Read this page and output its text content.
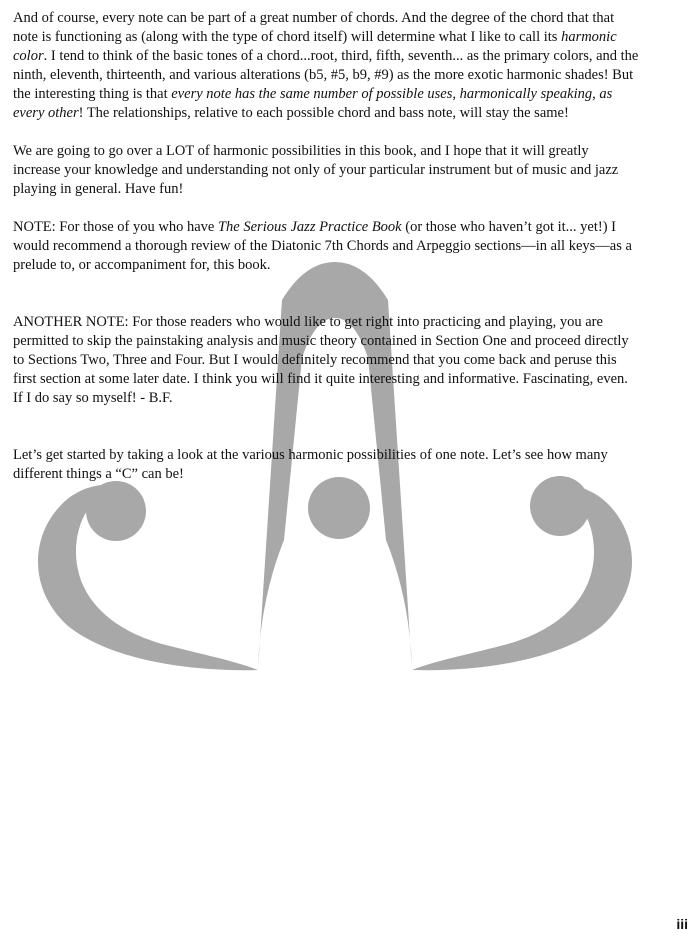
And of course, every note can be part of a great number of chords. And the degree of the chord that that note is functioning as (along with the type of chord itself) will determine what I like to call its harmonic color. I tend to think of the basic tones of a chord...root, third, fifth, seventh... as the primary colors, and the ninth, eleventh, thirteenth, and various alterations (b5, #5, b9, #9) as the more exotic harmonic shades! But the interesting thing is that every note has the same number of possible uses, harmonically speaking, as every other! The relationships, relative to each possible chord and bass note, will stay the same!

We are going to go over a LOT of harmonic possibilities in this book, and I hope that it will greatly increase your knowledge and understanding not only of your particular instrument but of music and jazz playing in general. Have fun!

NOTE: For those of you who have The Serious Jazz Practice Book (or those who haven’t got it... yet!) I would recommend a thorough review of the Diatonic 7th Chords and Arpeggio sections—in all keys—as a prelude to, or accompaniment for, this book.

ANOTHER NOTE: For those readers who would like to get right into practicing and playing, you are permitted to skip the painstaking analysis and music theory contained in Section One and proceed directly to Sections Two, Three and Four. But I would definitely recommend that you come back and peruse this first section at some later date. I think you will find it quite interesting and informative. Fascinating, even. If I do say so myself! - B.F.

Let’s get started by taking a look at the various harmonic possibilities of one note. Let’s see how many different things a “C” can be!

iii
